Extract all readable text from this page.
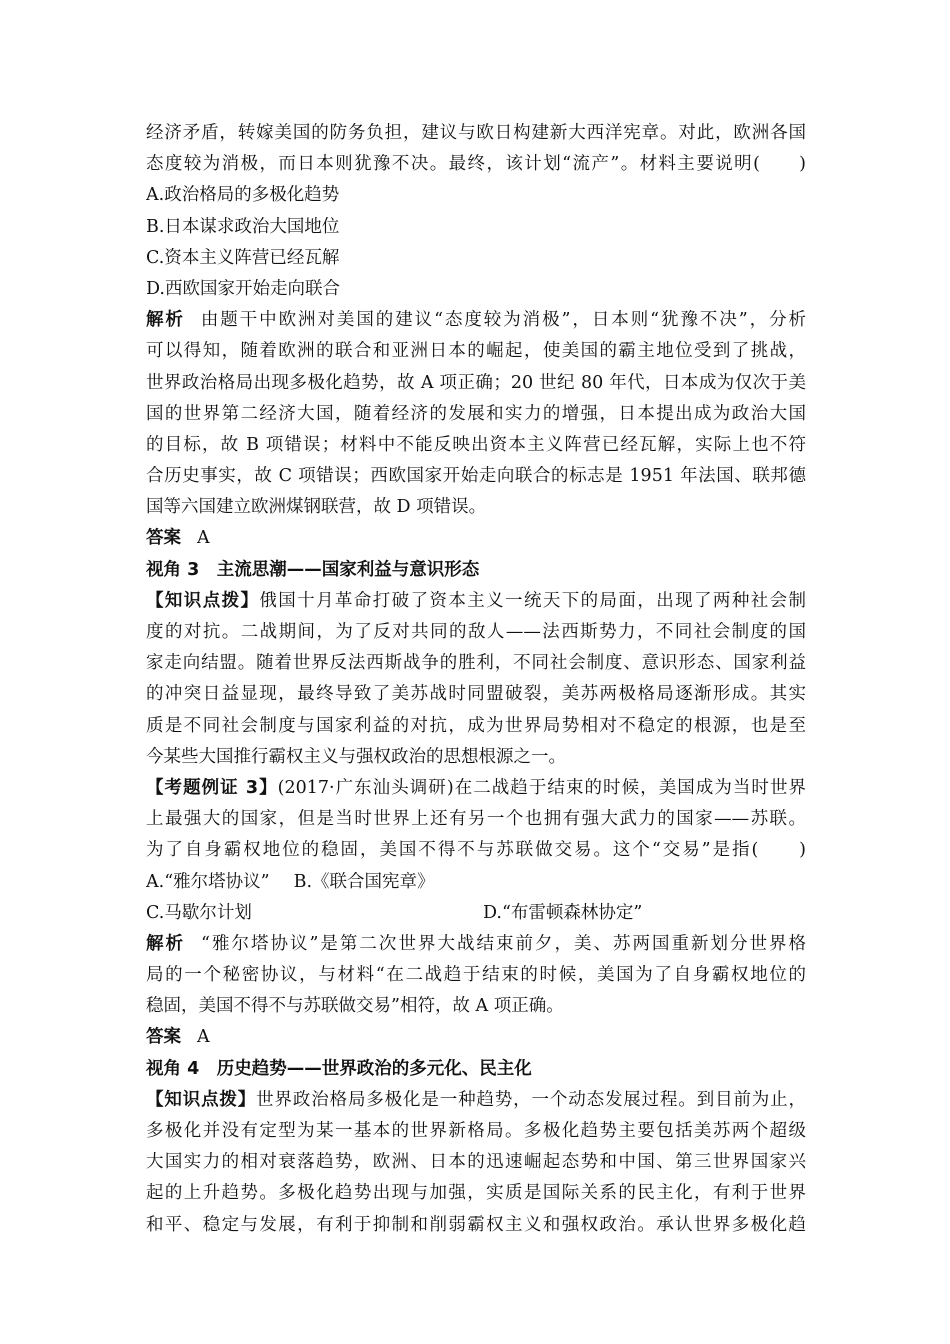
经济矛盾，转嫁美国的防务负担，建议与欧日构建新大西洋宪章。对此，欧洲各国
态度较为消极，而日本则犹豫不决。最终，该计划“流产”。材料主要说明(　　)
A.政治格局的多极化趋势
B.日本谋求政治大国地位
C.资本主义阵营已经瓦解
D.西欧国家开始走向联合
解析 由题干中欧洲对美国的建议“态度较为消极”，日本则“犹豫不决”，分析
可以得知，随着欧洲的联合和亚洲日本的崛起，使美国的霸主地位受到了挑战，
世界政治格局出现多极化趋势，故 A 项正确；20 世纪 80 年代，日本成为仅次于美
国的世界第二经济大国，随着经济的发展和实力的增强，日本提出成为政治大国
的目标，故 B 项错误；材料中不能反映出资本主义阵营已经瓦解，实际上也不符
合历史事实，故 C 项错误；西欧国家开始走向联合的标志是 1951 年法国、联邦德
国等六国建立欧洲煤钢联营，故 D 项错误。
答案 A
视角 3　主流思潮——国家利益与意识形态
【知识点拨】俄国十月革命打破了资本主义一统天下的局面，出现了两种社会制
度的对抗。二战期间，为了反对共同的敌人——法西斯势力，不同社会制度的国
家走向结盟。随着世界反法西斯战争的胜利，不同社会制度、意识形态、国家利益
的冲突日益显现，最终导致了美苏战时同盟破裂，美苏两极格局逐渐形成。其实
质是不同社会制度与国家利益的对抗，成为世界局势相对不稳定的根源，也是至
今某些大国推行霸权主义与强权政治的思想根源之一。
【考题例证 3】(2017·广东汕头调研)在二战趋于结束的时候，美国成为当时世界
上最强大的国家，但是当时世界上还有另一个也拥有强大武力的国家——苏联。
为了自身霸权地位的稳固，美国不得不与苏联做交易。这个“交易”是指(　　)
A.“雅尔塔协议” B.《联合国宪章》
C.马歇尔计划	D.“布雷顿森林协定”
解析 “雅尔塔协议”是第二次世界大战结束前夕，美、苏两国重新划分世界格
局的一个秘密协议，与材料“在二战趋于结束的时候，美国为了自身霸权地位的
稳固，美国不得不与苏联做交易”相符，故 A 项正确。
答案 A
视角 4　历史趋势——世界政治的多元化、民主化
【知识点拨】世界政治格局多极化是一种趋势，一个动态发展过程。到目前为止，
多极化并没有定型为某一基本的世界新格局。多极化趋势主要包括美苏两个超级
大国实力的相对衰落趋势，欧洲、日本的迅速崛起态势和中国、第三世界国家兴
起的上升趋势。多极化趋势出现与加强，实质是国际关系的民主化，有利于世界
和平、稳定与发展，有利于抑制和削弱霸权主义和强权政治。承认世界多极化趋
